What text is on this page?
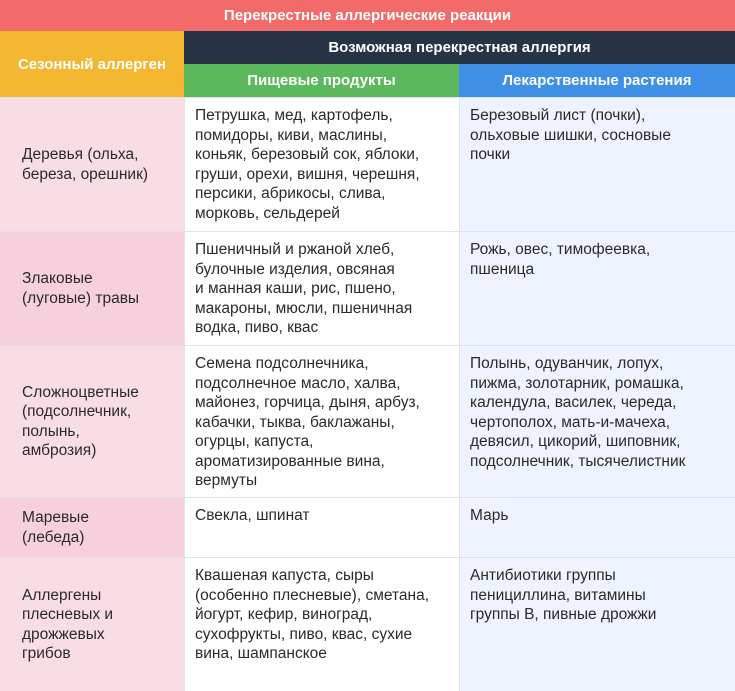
Перекрестные аллергические реакции
Сезонный аллерген
Возможная перекрестная аллергия
Пищевые продукты	Лекарственные растения
Деревья (ольха,
береза, орешник)
Петрушка, мед, картофель,
помидоры, киви, маслины,
коньяк, березовый сок, яблоки,
груши, орехи, вишня, черешня,
персики, абрикосы, слива,
морковь, сельдерей
Березовый лист (почки),
ольховые шишки, сосновые
почки
Злаковые
(луговые) травы
Пшеничный и ржаной хлеб,
булочные изделия, овсяная
и манная каши, рис, пшено,
макароны, мюсли, пшеничная
водка, пиво, квас
Рожь, овес, тимофеевка,
пшеница
Сложноцветные
(подсолнечник,
полынь,
амброзия)
Семена подсолнечника,
подсолнечное масло, халва,
майонез, горчица, дыня, арбуз,
кабачки, тыква, баклажаны,
огурцы, капуста,
ароматизированные вина,
вермуты
Полынь, одуванчик, лопух,
пижма, золотарник, ромашка,
календула, василек, череда,
чертополох, мать-и-мачеха,
девясил, цикорий, шиповник,
подсолнечник, тысячелистник
Маревые
(лебеда)
Свекла, шпинат	Марь
Аллергены
плесневых и
дрожжевых
грибов
Квашеная капуста, сыры
(особенно плесневые), сметана,
йогурт, кефир, виноград,
сухофрукты, пиво, квас, сухие
вина, шампанское
Антибиотики группы
пенициллина, витамины
группы В, пивные дрожжи
